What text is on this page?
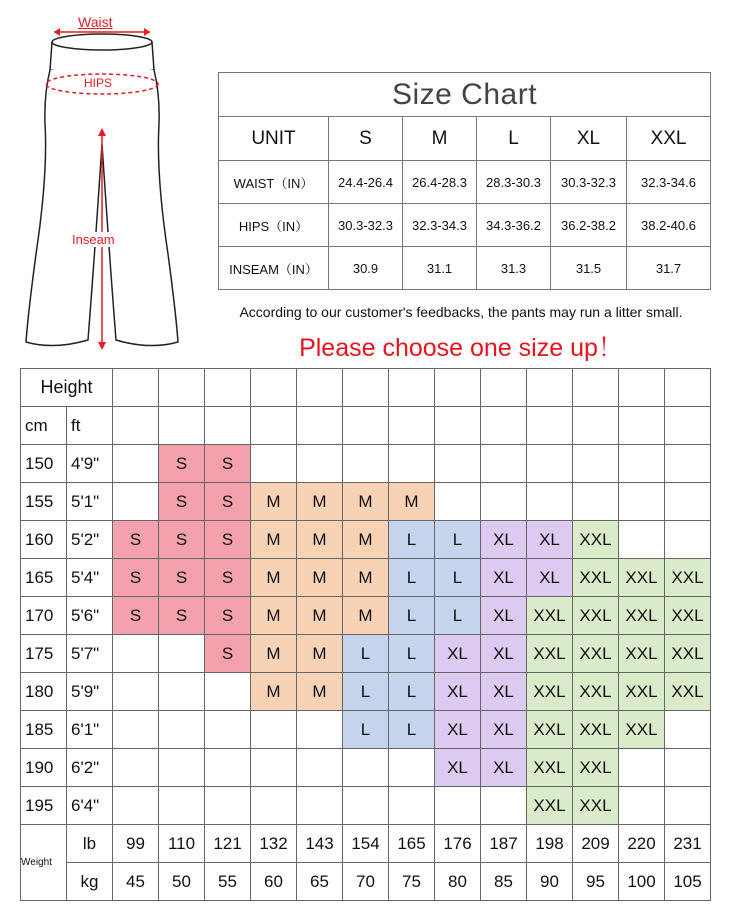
Waist
HIPS
Inseam
Size Chart					
UNIT	S	M	L	XL	XXL
WAIST（IN）	24.4-26.4	26.4-28.3	28.3-30.3	30.3-32.3	32.3-34.6
HIPS（IN）	30.3-32.3	32.3-34.3	34.3-36.2	36.2-38.2	38.2-40.6
INSEAM（IN）	30.9	31.1	31.3	31.5	31.7
According to our customer's feedbacks, the pants may run a litter small.
Please choose one size up！
Height														
cm	ft													
150	4'9"		S	S										
155	5'1"		S	S	M	M	M	M						
160	5'2"	S	S	S	M	M	M	L	L	XL	XL	XXL		
165	5'4"	S	S	S	M	M	M	L	L	XL	XL	XXL	XXL	XXL
170	5'6"	S	S	S	M	M	M	L	L	XL	XXL	XXL	XXL	XXL
175	5'7"			S	M	M	L	L	XL	XL	XXL	XXL	XXL	XXL
180	5'9"				M	M	L	L	XL	XL	XXL	XXL	XXL	XXL
185	6'1"						L	L	XL	XL	XXL	XXL	XXL	
190	6'2"								XL	XL	XXL	XXL		
195	6'4"										XXL	XXL		
Weight	lb	99	110	121	132	143	154	165	176	187	198	209	220	231
	kg	45	50	55	60	65	70	75	80	85	90	95	100	105
